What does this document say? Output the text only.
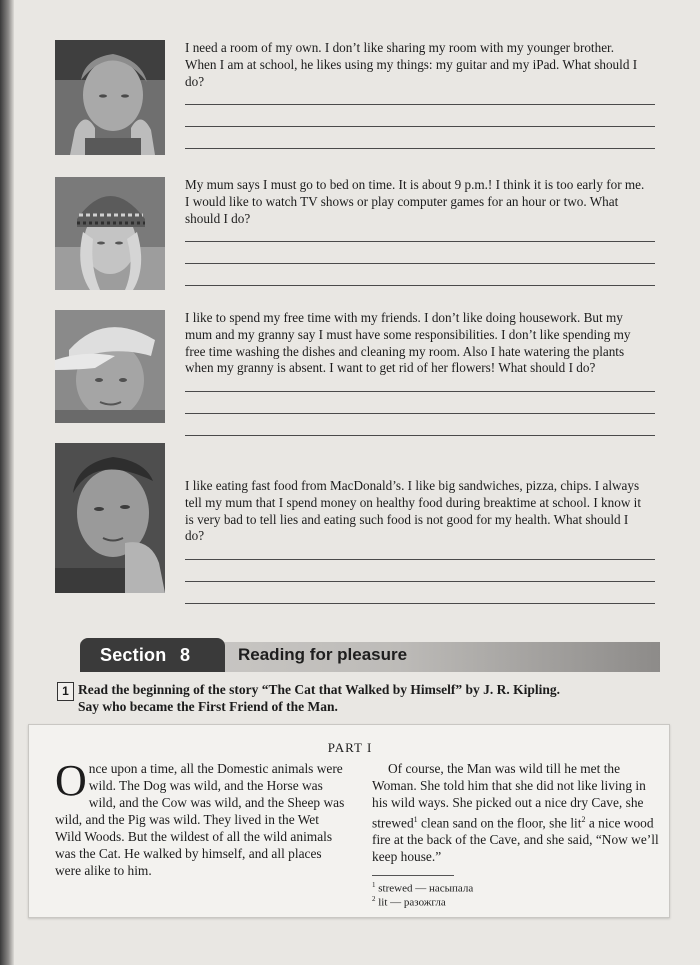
I need a room of my own. I don’t like sharing my room with my younger brother. When I am at school, he likes using my things: my guitar and my iPad. What should I do?

My mum says I must go to bed on time. It is about 9 p.m.! I think it is too early for me. I would like to watch TV shows or play computer games for an hour or two. What should I do?

I like to spend my free time with my friends. I don’t like doing housework. But my mum and my granny say I must have some responsibilities. I don’t like spending my free time washing the dishes and cleaning my room. Also I hate watering the plants when my granny is absent. I want to get rid of her flowers! What should I do?

I like eating fast food from MacDonald’s. I like big sandwiches, pizza, chips. I always tell my mum that I spend money on healthy food during breaktime at school. I know it is very bad to tell lies and eating such food is not good for my health. What should I do?

Section 8	Reading for pleasure
1 Read the beginning of the story “The Cat that Walked by Himself” by J. R. Kipling.
Say who became the First Friend of the Man.
PART I
Once upon a time, all the Domestic animals were wild. The Dog was wild, and the Horse was wild, and the Cow was wild, and the Sheep was wild, and the Pig was wild. They lived in the Wet Wild Woods. But the wildest of all the wild animals was the Cat. He walked by himself, and all places were alike to him.
Of course, the Man was wild till he met the Woman. She told him that she did not like living in his wild ways. She picked out a nice dry Cave, she strewed$^1$ clean sand on the floor, she lit$^2$ a nice wood fire at the back of the Cave, and she said, “Now we’ll keep house.”
$^1$ strewed — насыпала
$^2$ lit — разожгла
